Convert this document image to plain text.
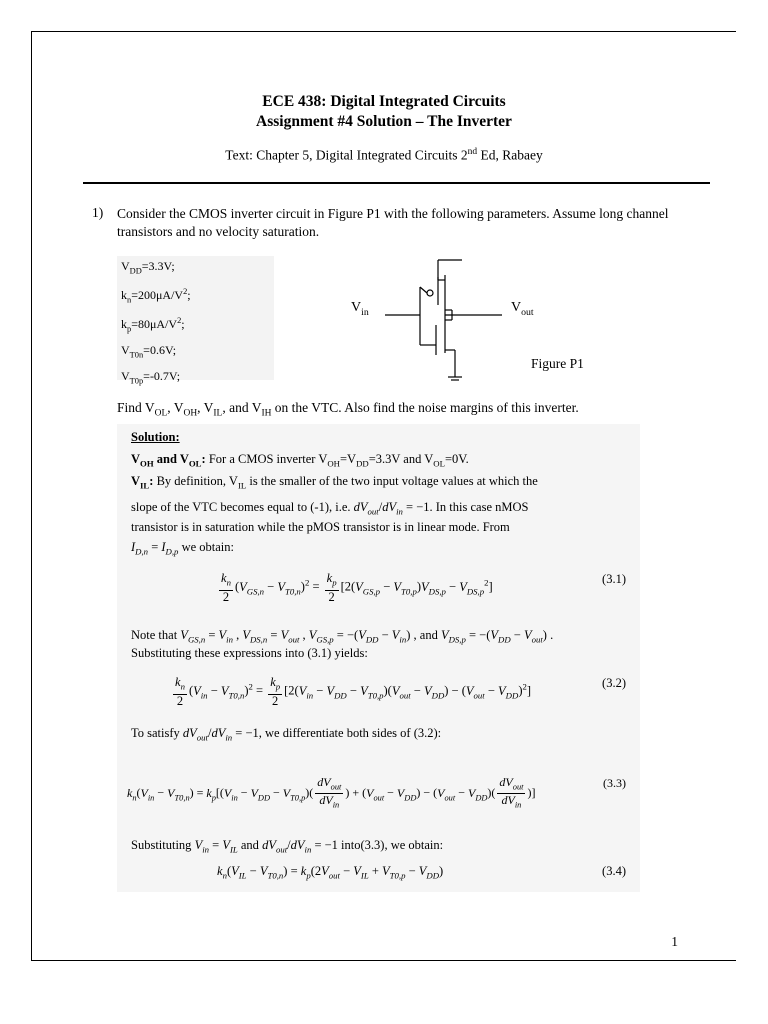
ECE 438: Digital Integrated Circuits
Assignment #4 Solution – The Inverter
Text: Chapter 5, Digital Integrated Circuits 2nd Ed, Rabaey
1) Consider the CMOS inverter circuit in Figure P1 with the following parameters. Assume long channel transistors and no velocity saturation.
$V_{DD}=3.3V$;
$k_n=200\mu A/V^2$;
$k_p=80\mu A/V^2$;
$V_{T0n}=0.6V$;
$V_{T0p}=-0.7V$;
$V_{in}$	$V_{out}$
Figure P1
Find $V_{OL}$, $V_{OH}$, $V_{IL}$, and $V_{IH}$ on the VTC. Also find the noise margins of this inverter.
Solution:
$V_{OH}$ and $V_{OL}$: For a CMOS inverter $V_{OH}=V_{DD}=3.3V$ and $V_{OL}=0V$.
$V_{IL}$: By definition, $V_{IL}$ is the smaller of the two input voltage values at which the
slope of the VTC becomes equal to (-1), i.e. $dV_{out}/dV_{in} = -1$. In this case nMOS
transistor is in saturation while the pMOS transistor is in linear mode. From
$I_{D,n} = I_{D,p}$ we obtain:
$\frac{k_n}{2} (V_{GS,n} - V_{T0,n})^2 = \frac{k_p}{2} [2(V_{GS,p} - V_{T0,p})V_{DS,p} - V_{DS,p}^2]$
(3.1)
Note that $V_{GS,n} = V_{in}$ , $V_{DS,n} = V_{out}$ , $V_{GS,p} = -(V_{DD} - V_{in})$ , and $V_{DS,p} = -(V_{DD} - V_{out})$ .
Substituting these expressions into (3.1) yields:
$\frac{k_n}{2} (V_{in} - V_{T0,n})^2 = \frac{k_p}{2} [2(V_{in} - V_{DD} - V_{T0,p})(V_{out} - V_{DD}) - (V_{out} - V_{DD})^2]$
(3.2)
To satisfy $dV_{out}/dV_{in} = -1$, we differentiate both sides of (3.2):
$k_n(V_{in} - V_{T0,n}) = k_p[(V_{in} - V_{DD} - V_{T0,p})( \frac{dV_{out}}{dV_{in}}$ ) + $(V_{out} - V_{DD}) - (V_{out} - V_{DD})( \frac{dV_{out}}{dV_{in}}$ )]
(3.3)
Substituting $V_{in} = V_{IL}$ and $dV_{out}/dV_{in} = -1$ into(3.3), we obtain:
$k_n(V_{IL} - V_{T0,n}) = k_p(2V_{out} - V_{IL} + V_{T0,p} - V_{DD})$	(3.4)
1
